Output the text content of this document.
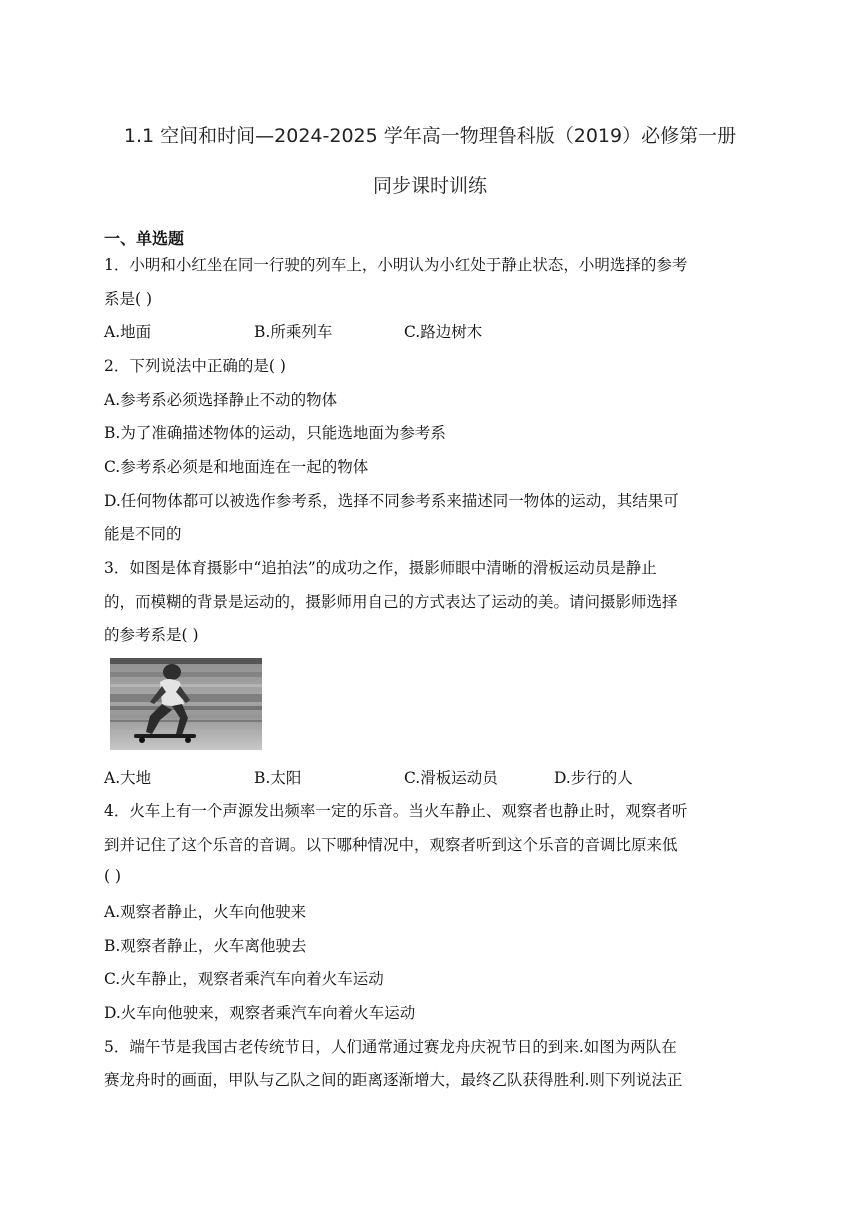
1.1 空间和时间—2024-2025 学年高一物理鲁科版（2019）必修第一册
同步课时训练
一、单选题
1．小明和小红坐在同一行驶的列车上，小明认为小红处于静止状态，小明选择的参考
系是( )
A.地面	B.所乘列车	C.路边树木
2．下列说法中正确的是( )
A.参考系必须选择静止不动的物体
B.为了准确描述物体的运动，只能选地面为参考系
C.参考系必须是和地面连在一起的物体
D.任何物体都可以被选作参考系，选择不同参考系来描述同一物体的运动，其结果可
能是不同的
3．如图是体育摄影中“追拍法”的成功之作，摄影师眼中清晰的滑板运动员是静止
的，而模糊的背景是运动的，摄影师用自己的方式表达了运动的美。请问摄影师选择
的参考系是( )
A.大地	B.太阳	C.滑板运动员	D.步行的人
4．火车上有一个声源发出频率一定的乐音。当火车静止、观察者也静止时，观察者听
到并记住了这个乐音的音调。以下哪种情况中，观察者听到这个乐音的音调比原来低
( )
A.观察者静止，火车向他驶来
B.观察者静止，火车离他驶去
C.火车静止，观察者乘汽车向着火车运动
D.火车向他驶来，观察者乘汽车向着火车运动
5．端午节是我国古老传统节日，人们通常通过赛龙舟庆祝节日的到来.如图为两队在
赛龙舟时的画面，甲队与乙队之间的距离逐渐增大，最终乙队获得胜利.则下列说法正
